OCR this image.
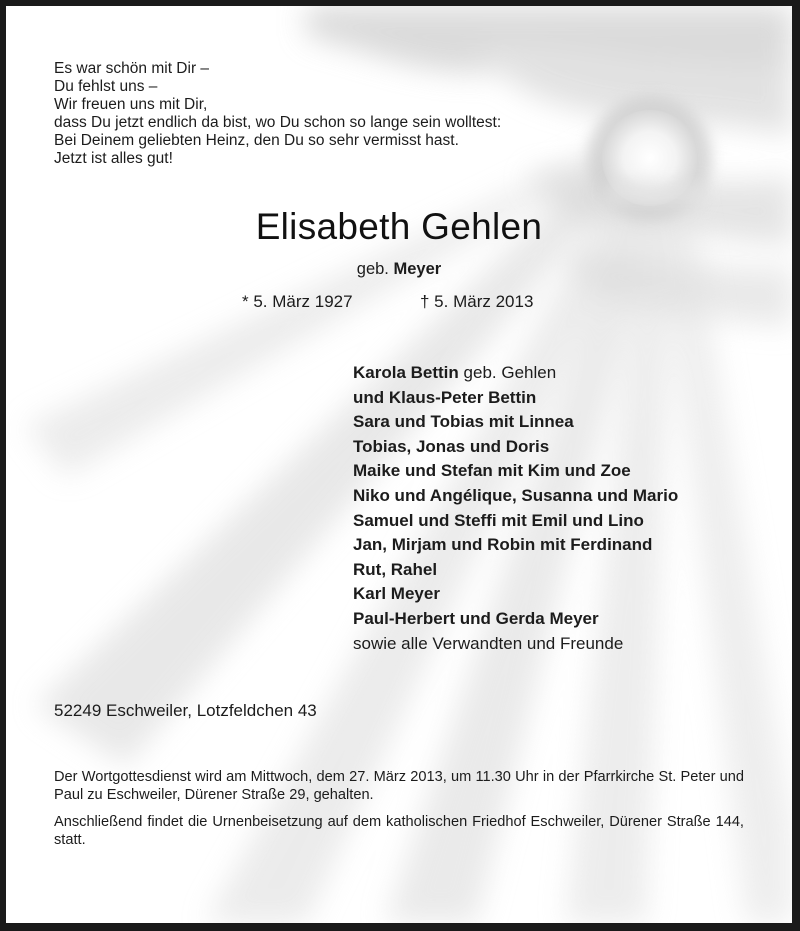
Es war schön mit Dir –
Du fehlst uns –
Wir freuen uns mit Dir,
dass Du jetzt endlich da bist, wo Du schon so lange sein wolltest:
Bei Deinem geliebten Heinz, den Du so sehr vermisst hast.
Jetzt ist alles gut!
Elisabeth Gehlen
geb. Meyer
* 5. März 1927	† 5. März 2013
Karola Bettin geb. Gehlen
und Klaus-Peter Bettin
Sara und Tobias mit Linnea
Tobias, Jonas und Doris
Maike und Stefan mit Kim und Zoe
Niko und Angélique, Susanna und Mario
Samuel und Steffi mit Emil und Lino
Jan, Mirjam und Robin mit Ferdinand
Rut, Rahel
Karl Meyer
Paul-Herbert und Gerda Meyer
sowie alle Verwandten und Freunde
52249 Eschweiler, Lotzfeldchen 43
Der Wortgottesdienst wird am Mittwoch, dem 27. März 2013, um 11.30 Uhr in der Pfarrkirche St. Peter und Paul zu Eschweiler, Dürener Straße 29, gehalten.
Anschließend findet die Urnenbeisetzung auf dem katholischen Friedhof Eschweiler, Dürener Straße 144, statt.
